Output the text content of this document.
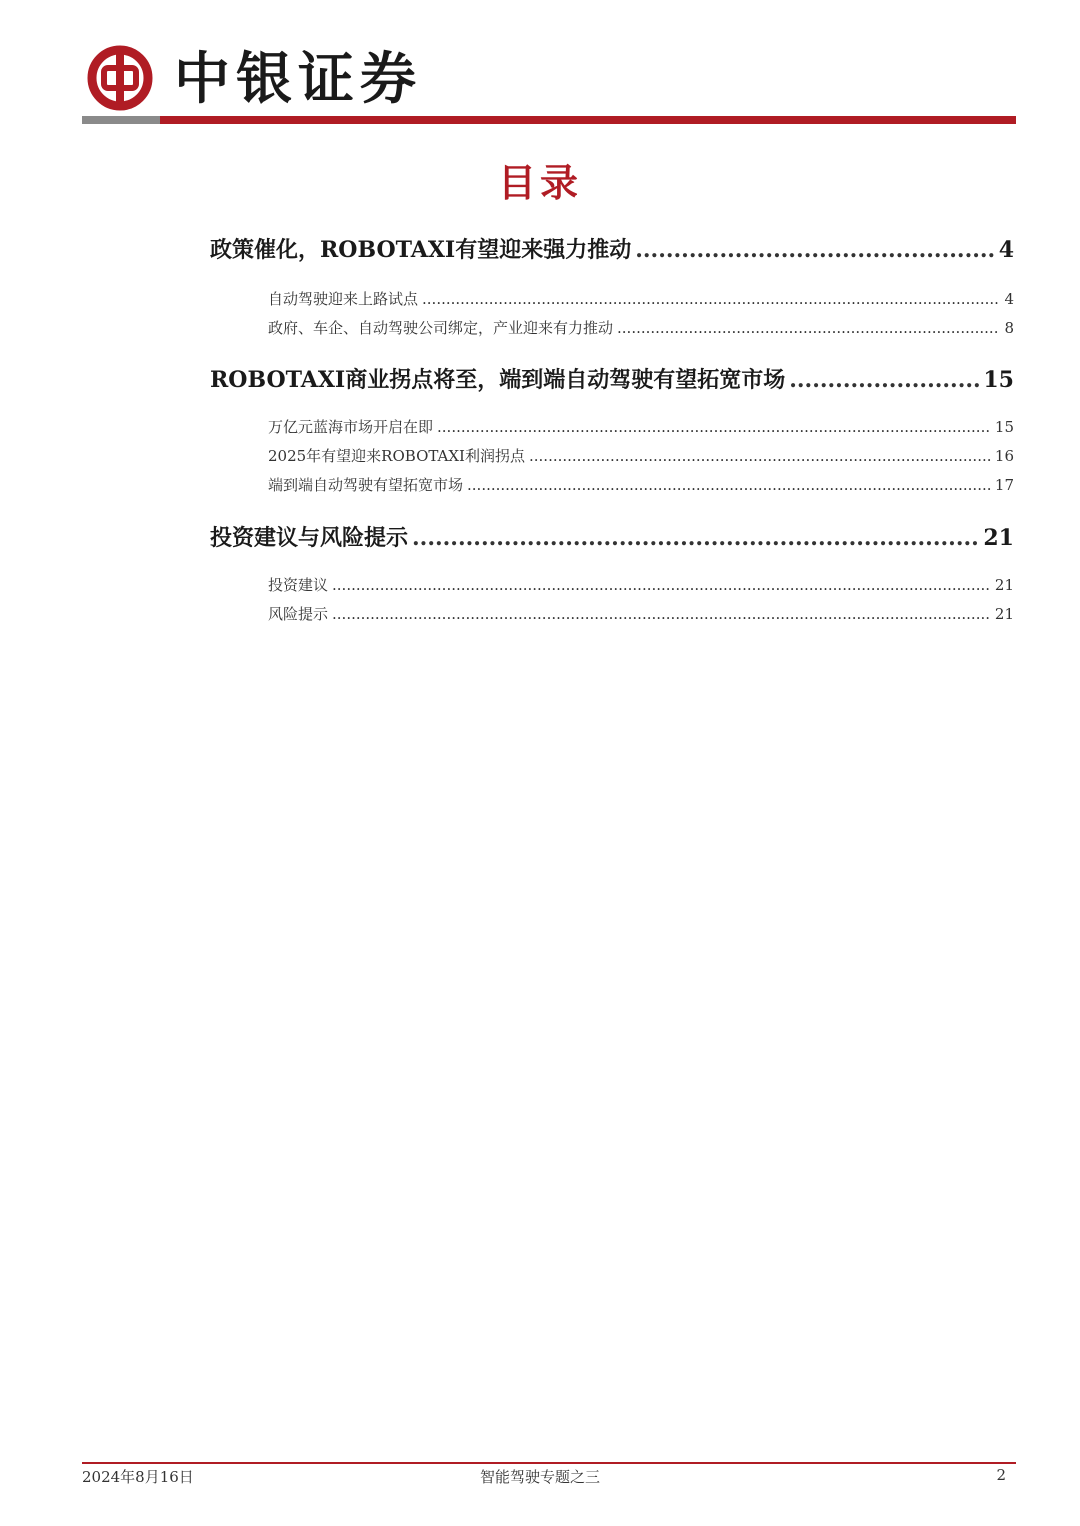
中银证券
目录
政策催化，ROBOTAXI有望迎来强力推动 .....	4
自动驾驶迎来上路试点 .....	4
政府、车企、自动驾驶公司绑定，产业迎来有力推动 .....	8
ROBOTAXI商业拐点将至，端到端自动驾驶有望拓宽市场 .....	15
万亿元蓝海市场开启在即 .....	15
2025年有望迎来ROBOTAXI利润拐点 .....	16
端到端自动驾驶有望拓宽市场 .....	17
投资建议与风险提示 .....	21
投资建议 .....	21
风险提示 .....	21
2024年8月16日	智能驾驶专题之三	2
